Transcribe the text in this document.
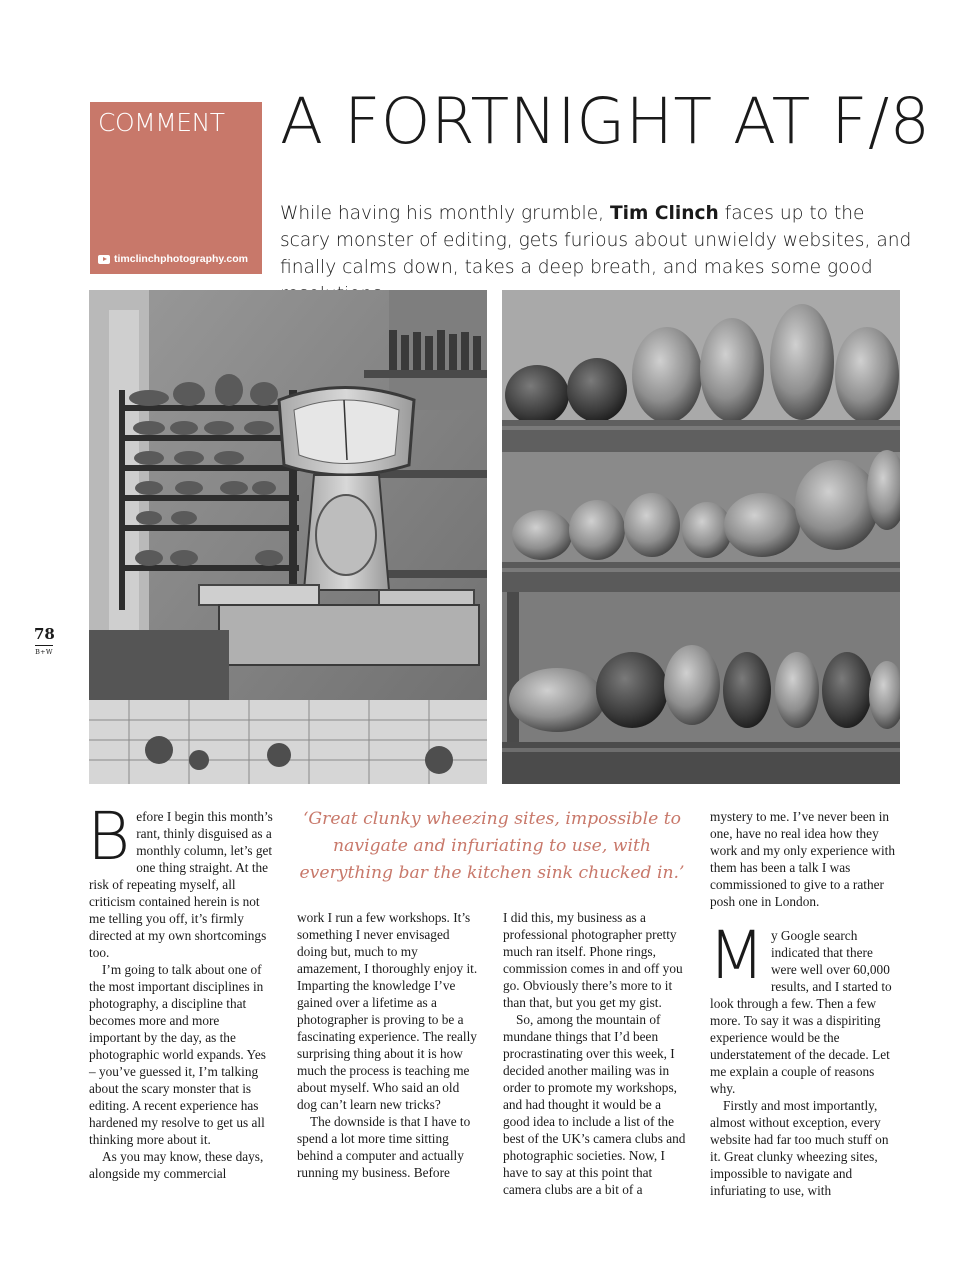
COMMENT
timclinchphotography.com
A FORTNIGHT AT F/8
While having his monthly grumble, Tim Clinch faces up to the scary monster of editing, gets furious about unwieldy websites, and finally calms down, takes a deep breath, and makes some good
78
B+W
‘Great clunky wheezing sites, impossible to navigate and infuriating to use, with everything bar the kitchen sink chucked in.’

Before I begin this month’s rant, thinly disguised as a monthly column, let’s get one thing straight. At the risk of repeating myself, all criticism contained herein is not me telling you off, it’s firmly directed at my own shortcomings too.

I’m going to talk about one of the most important disciplines in photography, a discipline that becomes more and more important by the day, as the photographic world expands. Yes – you’ve guessed it, I’m talking about the scary monster that is editing. A recent experience has hardened my resolve to get us all thinking more about it.

As you may know, these days, alongside my commercial

work I run a few workshops. It’s something I never envisaged doing but, much to my amazement, I thoroughly enjoy it. Imparting the knowledge I’ve gained over a lifetime as a photographer is proving to be a fascinating experience. The really surprising thing about it is how much the process is teaching me about myself. Who said an old dog can’t learn new tricks?

The downside is that I have to spend a lot more time sitting behind a computer and actually running my business. Before

I did this, my business as a professional photographer pretty much ran itself. Phone rings, commission comes in and off you go. Obviously there’s more to it than that, but you get my gist.

So, among the mountain of mundane things that I’d been procrastinating over this week, I decided another mailing was in order to promote my workshops, and had thought it would be a good idea to include a list of the best of the UK’s camera clubs and photographic societies. Now, I have to say at this point that camera clubs are a bit of a

mystery to me. I’ve never been in one, have no real idea how they work and my only experience with them has been a talk I was commissioned to give to a rather posh one in London.

My Google search indicated that there were well over 60,000 results, and I started to look through a few. Then a few more. To say it was a dispiriting experience would be the understatement of the decade. Let me explain a couple of reasons why.

Firstly and most importantly, almost without exception, every website had far too much stuff on it. Great clunky wheezing sites, impossible to navigate and infuriating to use, with
